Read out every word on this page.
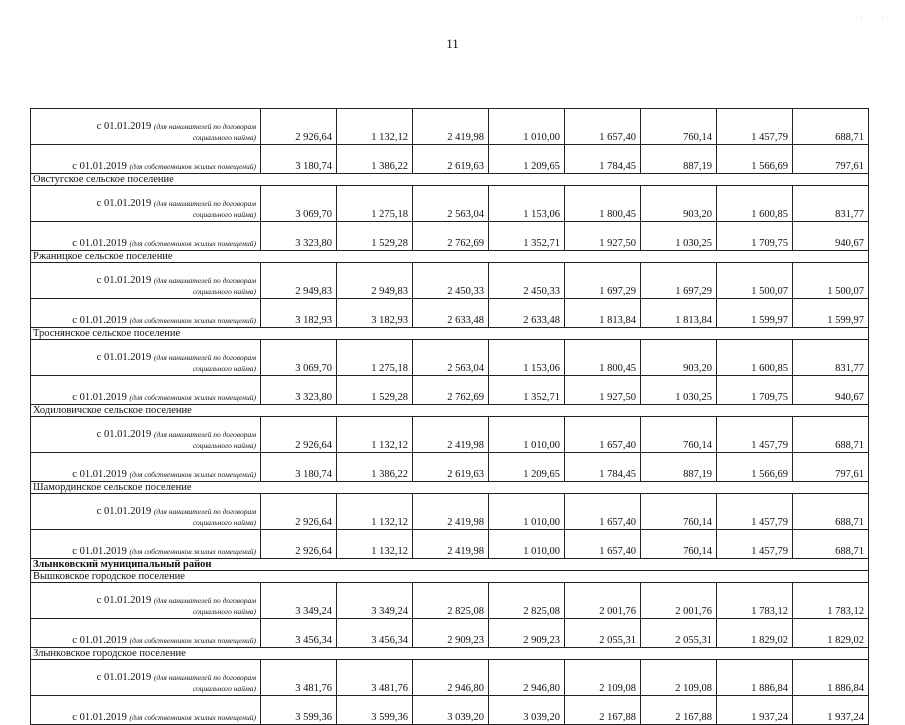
· · ·
11
с 01.01.2019 (для нанимателей по договорам
социального найма)	2 926,64	1 132,12	2 419,98	1 010,00	1 657,40	760,14	1 457,79	688,71
с 01.01.2019 (для собственников жилых помещений)	3 180,74	1 386,22	2 619,63	1 209,65	1 784,45	887,19	1 566,69	797,61
Овстугское сельское поселение								

с 01.01.2019 (для нанимателей по договорам
социального найма)	3 069,70	1 275,18	2 563,04	1 153,06	1 800,45	903,20	1 600,85	831,77
с 01.01.2019 (для собственников жилых помещений)	3 323,80	1 529,28	2 762,69	1 352,71	1 927,50	1 030,25	1 709,75	940,67
Ржаницкое сельское поселение								

с 01.01.2019 (для нанимателей по договорам
социального найма)	2 949,83	2 949,83	2 450,33	2 450,33	1 697,29	1 697,29	1 500,07	1 500,07
с 01.01.2019 (для собственников жилых помещений)	3 182,93	3 182,93	2 633,48	2 633,48	1 813,84	1 813,84	1 599,97	1 599,97
Троснянское сельское поселение								

с 01.01.2019 (для нанимателей по договорам
социального найма)	3 069,70	1 275,18	2 563,04	1 153,06	1 800,45	903,20	1 600,85	831,77
с 01.01.2019 (для собственников жилых помещений)	3 323,80	1 529,28	2 762,69	1 352,71	1 927,50	1 030,25	1 709,75	940,67
Ходиловичское сельское поселение								

с 01.01.2019 (для нанимателей по договорам
социального найма)	2 926,64	1 132,12	2 419,98	1 010,00	1 657,40	760,14	1 457,79	688,71
с 01.01.2019 (для собственников жилых помещений)	3 180,74	1 386,22	2 619,63	1 209,65	1 784,45	887,19	1 566,69	797,61
Шамординское сельское поселение								

с 01.01.2019 (для нанимателей по договорам
социального найма)	2 926,64	1 132,12	2 419,98	1 010,00	1 657,40	760,14	1 457,79	688,71
с 01.01.2019 (для собственников жилых помещений)	2 926,64	1 132,12	2 419,98	1 010,00	1 657,40	760,14	1 457,79	688,71
Злынковский муниципальный район								
Вышковское городское поселение								

с 01.01.2019 (для нанимателей по договорам
социального найма)	3 349,24	3 349,24	2 825,08	2 825,08	2 001,76	2 001,76	1 783,12	1 783,12
с 01.01.2019 (для собственников жилых помещений)	3 456,34	3 456,34	2 909,23	2 909,23	2 055,31	2 055,31	1 829,02	1 829,02
Злынковское городское поселение								

с 01.01.2019 (для нанимателей по договорам
социального найма)	3 481,76	3 481,76	2 946,80	2 946,80	2 109,08	2 109,08	1 886,84	1 886,84
с 01.01.2019 (для собственников жилых помещений)	3 599,36	3 599,36	3 039,20	3 039,20	2 167,88	2 167,88	1 937,24	1 937,24
